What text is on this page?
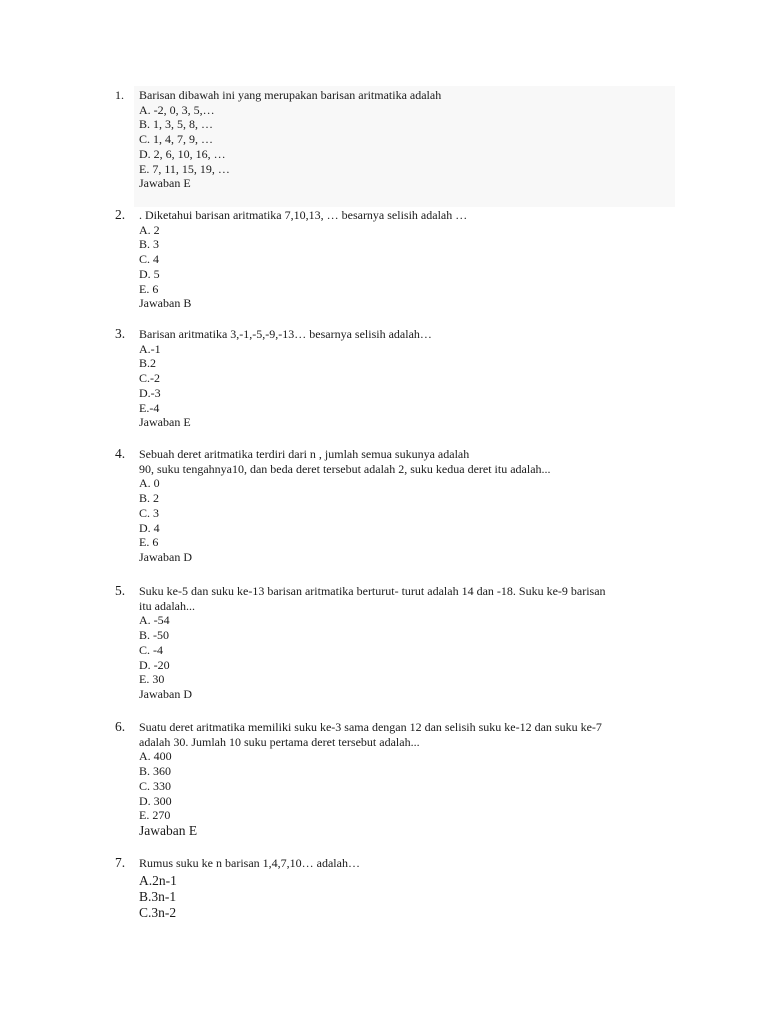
1. Barisan dibawah ini yang merupakan barisan aritmatika adalah
A. -2, 0, 3, 5,…
B. 1, 3, 5, 8, …
C. 1, 4, 7, 9, …
D. 2, 6, 10, 16, …
E. 7, 11, 15, 19, …
Jawaban E
2. . Diketahui barisan aritmatika 7,10,13, … besarnya selisih adalah …
A. 2
B. 3
C. 4
D. 5
E. 6
Jawaban B
3. Barisan aritmatika 3,-1,-5,-9,-13… besarnya selisih adalah…
A.-1
B.2
C.-2
D.-3
E.-4
Jawaban E
4. Sebuah deret aritmatika terdiri dari n , jumlah semua sukunya adalah
90, suku tengahnya10, dan beda deret tersebut adalah 2, suku kedua deret itu adalah...
A. 0
B. 2
C. 3
D. 4
E. 6
Jawaban D
5. Suku ke-5 dan suku ke-13 barisan aritmatika berturut- turut adalah 14 dan -18. Suku ke-9 barisan
itu adalah...
A. -54
B. -50
C. -4
D. -20
E. 30
Jawaban D
6. Suatu deret aritmatika memiliki suku ke-3 sama dengan 12 dan selisih suku ke-12 dan suku ke-7
adalah 30. Jumlah 10 suku pertama deret tersebut adalah...
A. 400
B. 360
C. 330
D. 300
E. 270
Jawaban E
7. Rumus suku ke n barisan 1,4,7,10… adalah…
A.2n-1
B.3n-1
C.3n-2
